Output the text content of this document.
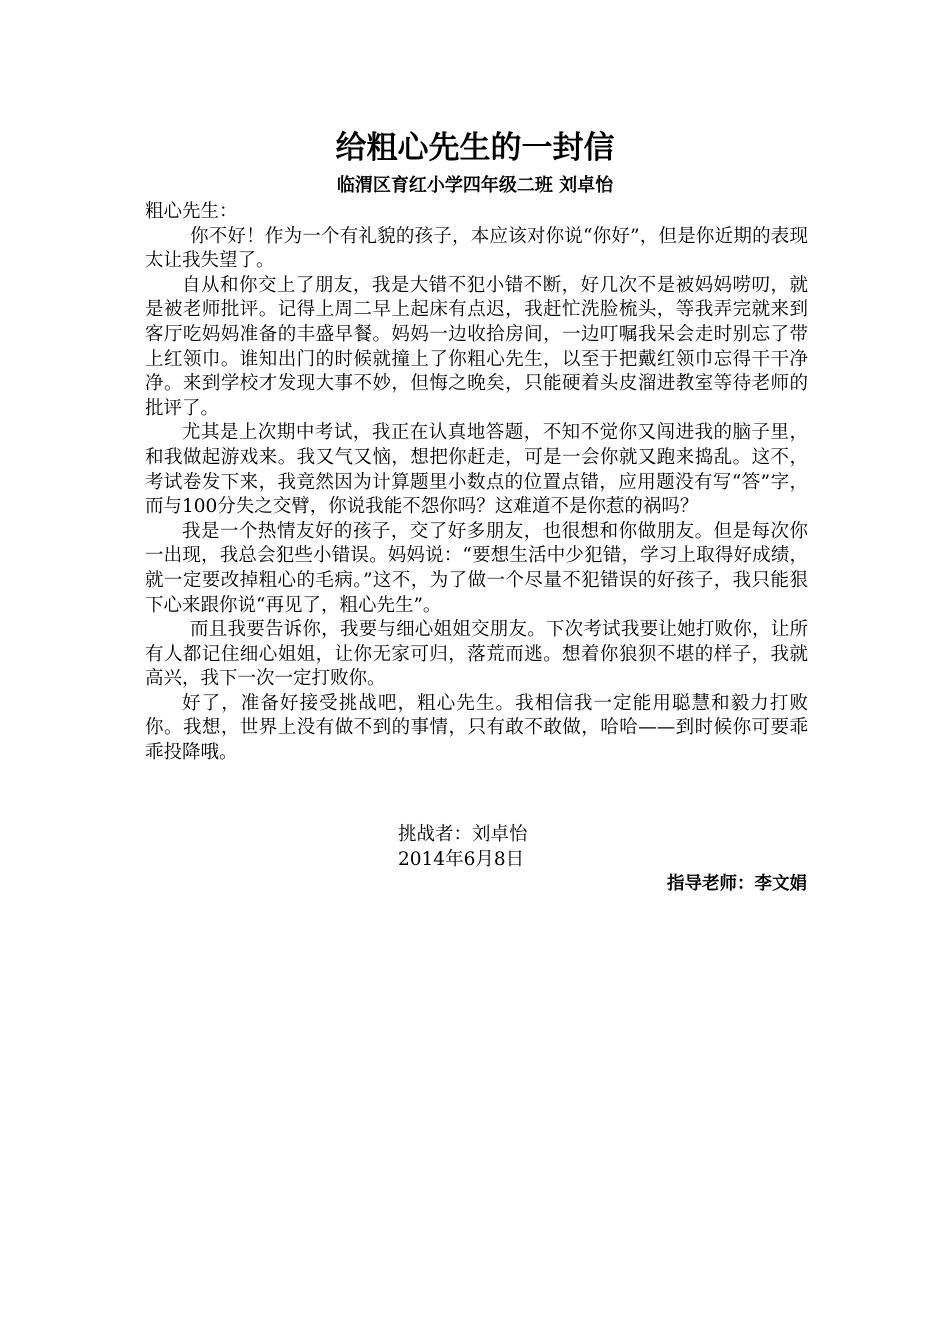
给粗心先生的一封信
临渭区育红小学四年级二班 刘卓怡

粗心先生：

你不好！作为一个有礼貌的孩子，本应该对你说“你好”，但是你近期的表现太让我失望了。

自从和你交上了朋友，我是大错不犯小错不断，好几次不是被妈妈唠叨，就是被老师批评。记得上周二早上起床有点迟，我赶忙洗脸梳头，等我弄完就来到客厅吃妈妈准备的丰盛早餐。妈妈一边收拾房间，一边叮嘱我呆会走时别忘了带上红领巾。谁知出门的时候就撞上了你粗心先生，以至于把戴红领巾忘得干干净净。来到学校才发现大事不妙，但悔之晚矣，只能硬着头皮溜进教室等待老师的批评了。

尤其是上次期中考试，我正在认真地答题，不知不觉你又闯进我的脑子里，和我做起游戏来。我又气又恼，想把你赶走，可是一会你就又跑来捣乱。这不，考试卷发下来，我竟然因为计算题里小数点的位置点错，应用题没有写“答”字，而与100分失之交臂，你说我能不怨你吗？这难道不是你惹的祸吗？

我是一个热情友好的孩子，交了好多朋友，也很想和你做朋友。但是每次你一出现，我总会犯些小错误。妈妈说：“要想生活中少犯错，学习上取得好成绩，就一定要改掉粗心的毛病。”这不，为了做一个尽量不犯错误的好孩子，我只能狠下心来跟你说“再见了，粗心先生”。

而且我要告诉你，我要与细心姐姐交朋友。下次考试我要让她打败你，让所有人都记住细心姐姐，让你无家可归，落荒而逃。想着你狼狈不堪的样子，我就高兴，我下一次一定打败你。

好了，准备好接受挑战吧，粗心先生。我相信我一定能用聪慧和毅力打败你。我想，世界上没有做不到的事情，只有敢不敢做，哈哈——到时候你可要乖乖投降哦。

挑战者：刘卓怡
2014年6月8日
指导老师：李文娟
